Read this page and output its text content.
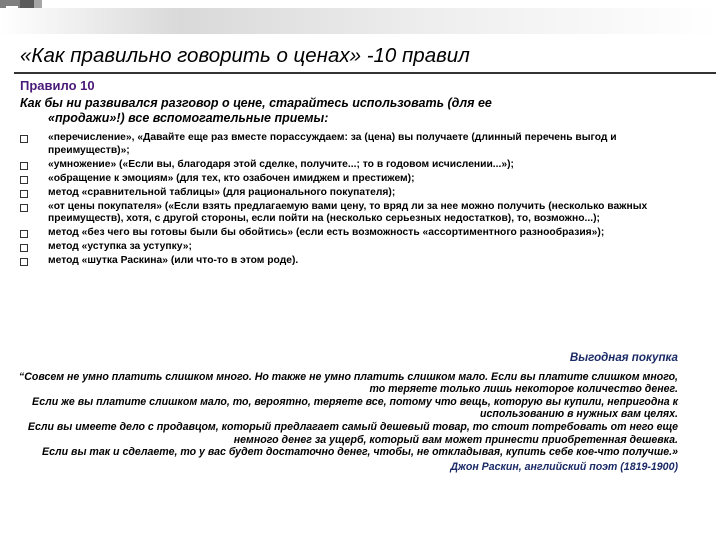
«Как правильно говорить о ценах» -10 правил
Правило 10
Как бы ни развивался разговор о цене, старайтесь использовать (для ее
«продажи»!) все вспомогательные приемы:
«перечисление», «Давайте еще раз вместе порассуждаем: за (цена) вы получаете (длинный перечень выгод и преимуществ)»;
«умножение» («Если вы, благодаря этой сделке, получите...; то в годовом исчислении...»);
«обращение к эмоциям» (для тех, кто озабочен имиджем и престижем);
метод «сравнительной таблицы» (для рационального покупателя);
«от цены покупателя» («Если взять предлагаемую вами цену, то вряд ли за нее можно получить (несколько важных преимуществ), хотя, с другой стороны, если пойти на (несколько серьезных недостатков), то, возможно...);
метод «без чего вы готовы были бы обойтись» (если есть возможность «ассортиментного разнообразия»);
метод «уступка за уступку»;
метод «шутка Раскина» (или что-то в этом роде).
Выгодная покупка

“Совсем не умно платить слишком много. Но также не умно платить слишком мало. Если вы платите слишком много, то теряете только лишь некоторое количество денег.

Если же вы платите слишком мало, то, вероятно, теряете все, потому что вещь, которую вы купили, непригодна к использованию в нужных вам целях.

Если вы имеете дело с продавцом, который предлагает самый дешевый товар, то стоит потребовать от него еще немного денег за ущерб, который вам может принести приобретенная дешевка.

Если вы так и сделаете, то у вас будет достаточно денег, чтобы, не откладывая, купить себе кое-что получше.»

Джон Раскин, английский поэт (1819-1900)
